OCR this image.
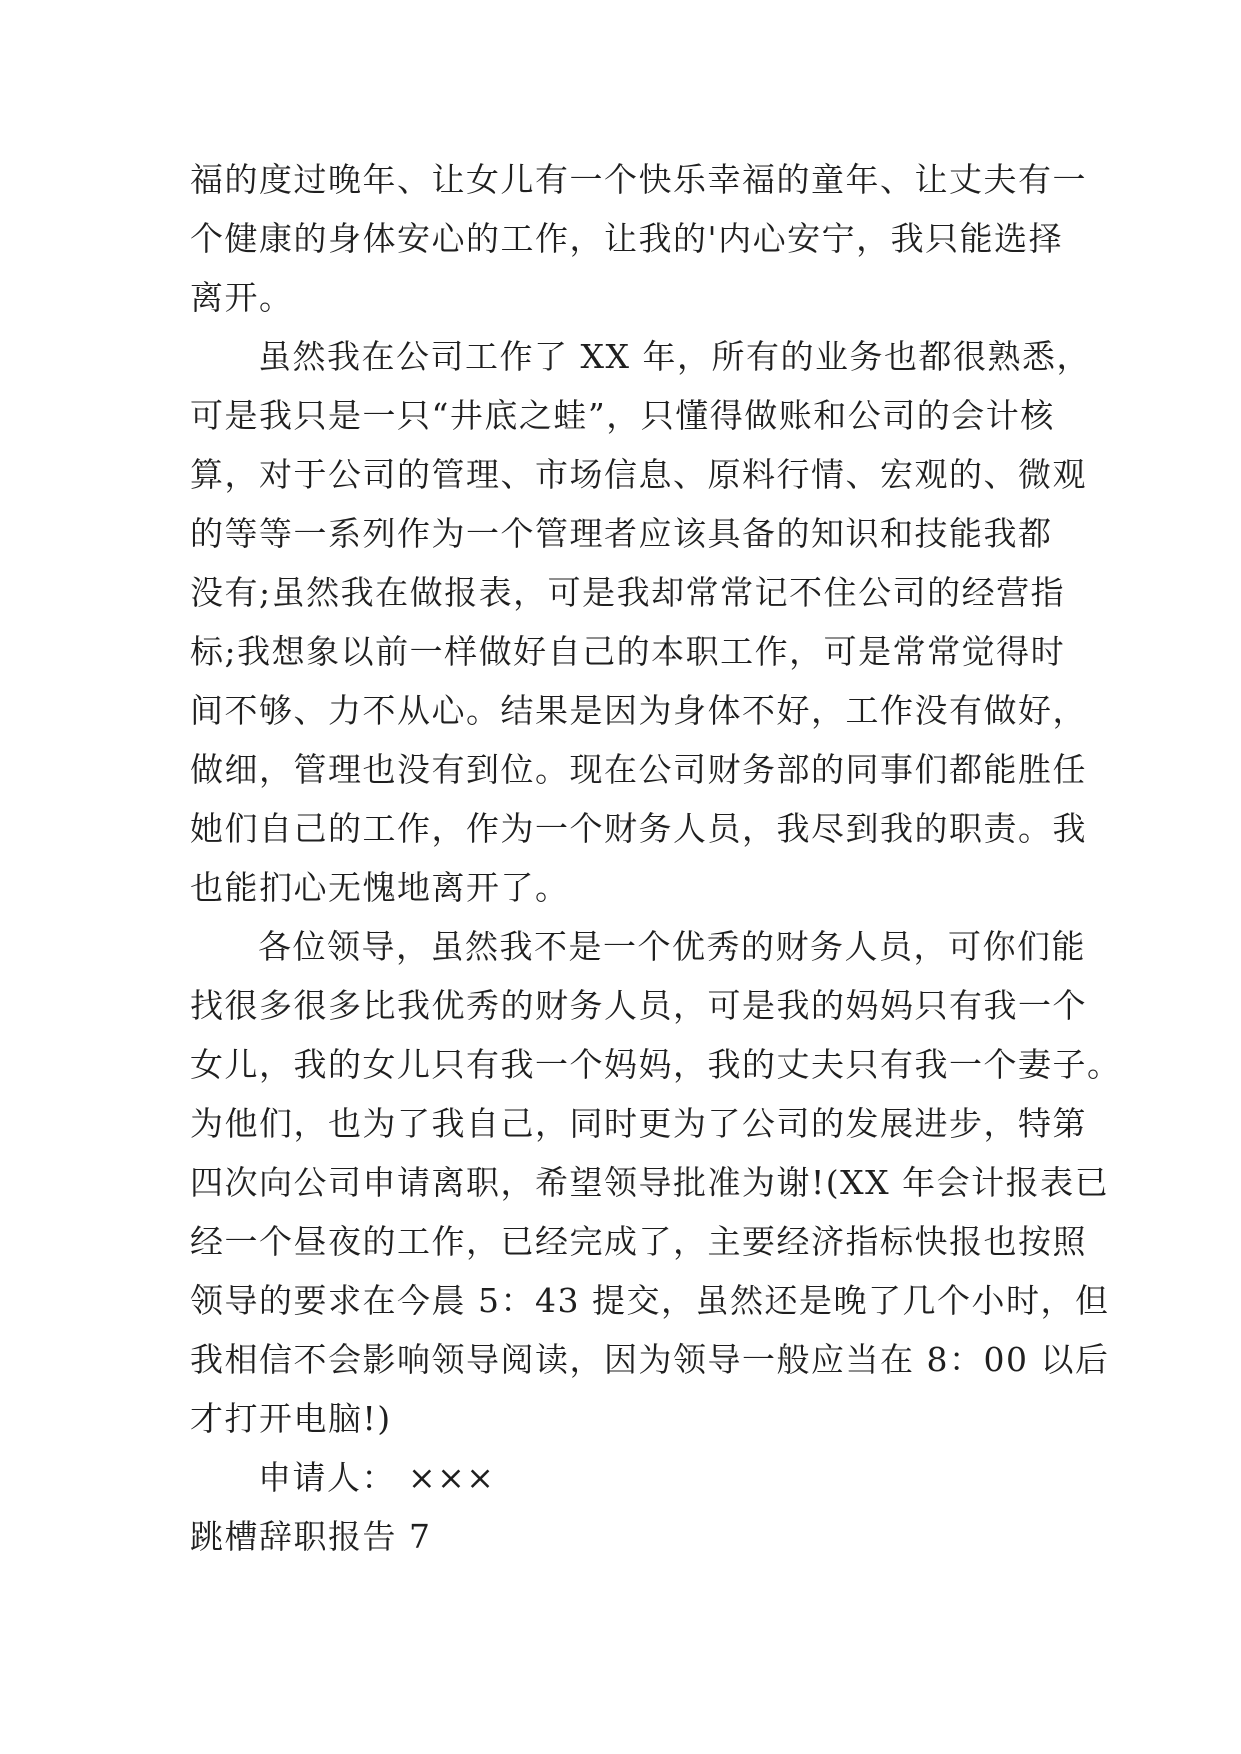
福的度过晚年、让女儿有一个快乐幸福的童年、让丈夫有一
个健康的身体安心的工作，让我的'内心安宁，我只能选择
离开。
虽然我在公司工作了 XX 年，所有的业务也都很熟悉，
可是我只是一只“井底之蛙”，只懂得做账和公司的会计核
算，对于公司的管理、市场信息、原料行情、宏观的、微观
的等等一系列作为一个管理者应该具备的知识和技能我都
没有;虽然我在做报表，可是我却常常记不住公司的经营指
标;我想象以前一样做好自己的本职工作，可是常常觉得时
间不够、力不从心。结果是因为身体不好，工作没有做好，
做细，管理也没有到位。现在公司财务部的同事们都能胜任
她们自己的工作，作为一个财务人员，我尽到我的职责。我
也能扪心无愧地离开了。
各位领导，虽然我不是一个优秀的财务人员，可你们能
找很多很多比我优秀的财务人员，可是我的妈妈只有我一个
女儿，我的女儿只有我一个妈妈，我的丈夫只有我一个妻子。
为他们，也为了我自己，同时更为了公司的发展进步，特第
四次向公司申请离职，希望领导批准为谢!(XX 年会计报表已
经一个昼夜的工作，已经完成了，主要经济指标快报也按照
领导的要求在今晨 5：43 提交，虽然还是晚了几个小时，但
我相信不会影响领导阅读，因为领导一般应当在 8：00 以后
才打开电脑!)
申请人： ×××
跳槽辞职报告 7
